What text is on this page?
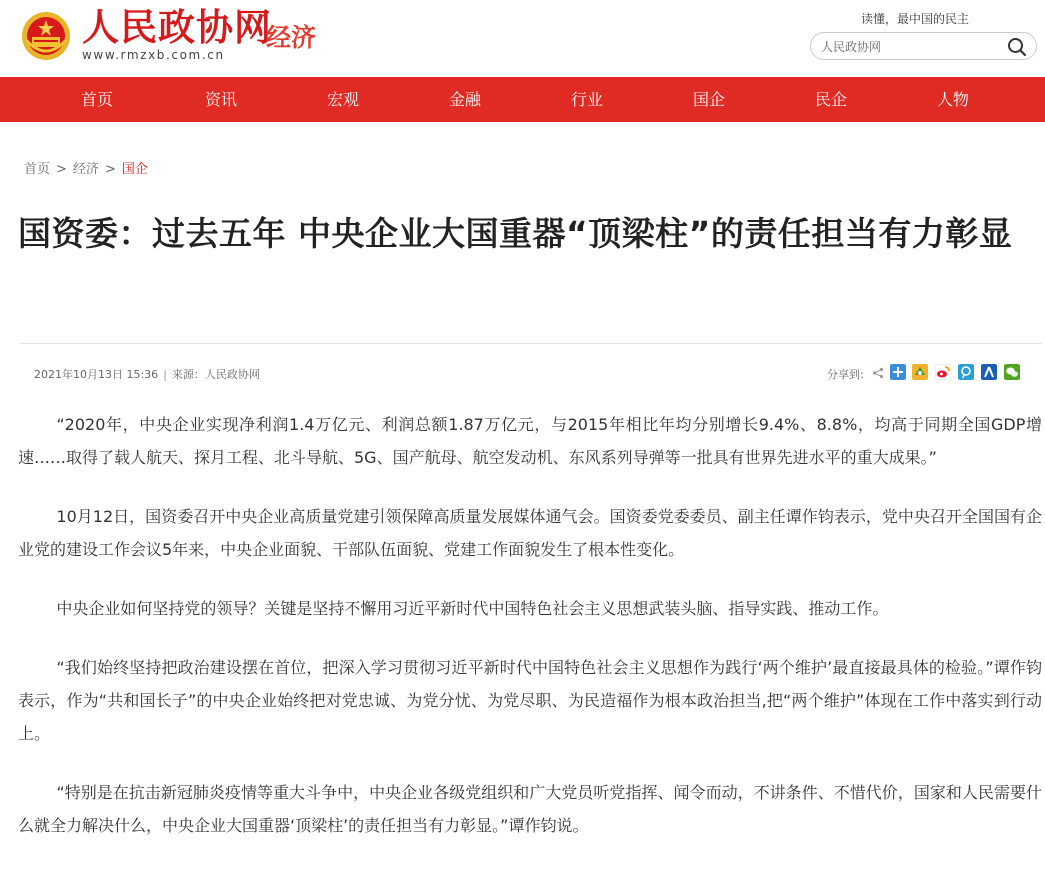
人民政协网
www.rmzxb.com.cn
经济
读懂，最中国的民主
人民政协网
首页	资讯	宏观	金融	行业	国企	民企	人物
首页 > 经济 > 国企
国资委：过去五年 中央企业大国重器“顶梁柱”的责任担当有力彰显
2021年10月13日 15:36 | 来源：人民政协网	分享到:

“2020年，中央企业实现净利润1.4万亿元、利润总额1.87万亿元，与2015年相比年均分别增长9.4%、8.8%，均高于同期全国GDP增速……取得了载人航天、探月工程、北斗导航、5G、国产航母、航空发动机、东风系列导弹等一批具有世界先进水平的重大成果。”

10月12日，国资委召开中央企业高质量党建引领保障高质量发展媒体通气会。国资委党委委员、副主任谭作钧表示，党中央召开全国国有企业党的建设工作会议5年来，中央企业面貌、干部队伍面貌、党建工作面貌发生了根本性变化。

中央企业如何坚持党的领导？关键是坚持不懈用习近平新时代中国特色社会主义思想武装头脑、指导实践、推动工作。

“我们始终坚持把政治建设摆在首位，把深入学习贯彻习近平新时代中国特色社会主义思想作为践行‘两个维护’最直接最具体的检验。”谭作钧表示，作为“共和国长子”的中央企业始终把对党忠诚、为党分忧、为党尽职、为民造福作为根本政治担当,把“两个维护”体现在工作中落实到行动上。

“特别是在抗击新冠肺炎疫情等重大斗争中，中央企业各级党组织和广大党员听党指挥、闻令而动，不讲条件、不惜代价，国家和人民需要什么就全力解决什么，中央企业大国重器‘顶梁柱’的责任担当有力彰显。”谭作钧说。
